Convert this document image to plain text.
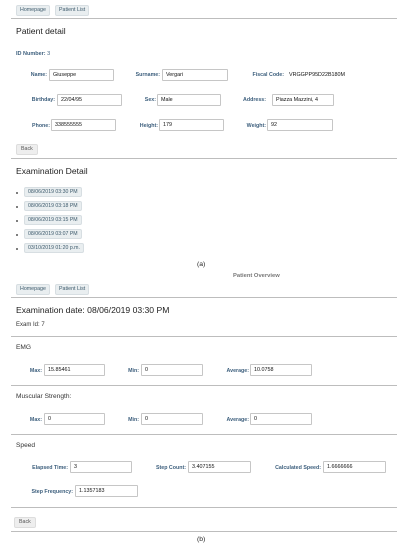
Homepage	Patient List
Patient detail
ID Number: 3
Name:	Giuseppe	Surname:	Vergari	Fiscal Code: VRGGPP95D22B180M
Birthday:	22/04/95	Sex: Male	Address:	Piazza Mazzini, 4
Phone: 338555555	Height: 179	Weight: 92
Back
Examination Detail
08/06/2019 03:30 PM
08/06/2019 03:18 PM
08/06/2019 03:15 PM
08/06/2019 03:07 PM
03/10/2019 01:20 p.m.
(a)
Patient Overview
Homepage	Patient List
Examination date: 08/06/2019 03:30 PM
Exam Id: 7
EMG
Max:	15.85461	Min:	0	Average: 10.0758
Muscular Strength:
Max:	0	Min:	0	Average: 0
Speed
Elapsed Time:	3	Step Count:	3.407155	Calculated Speed:	1.6666666
Step Frequency:	1.1357183
Back
(b)
